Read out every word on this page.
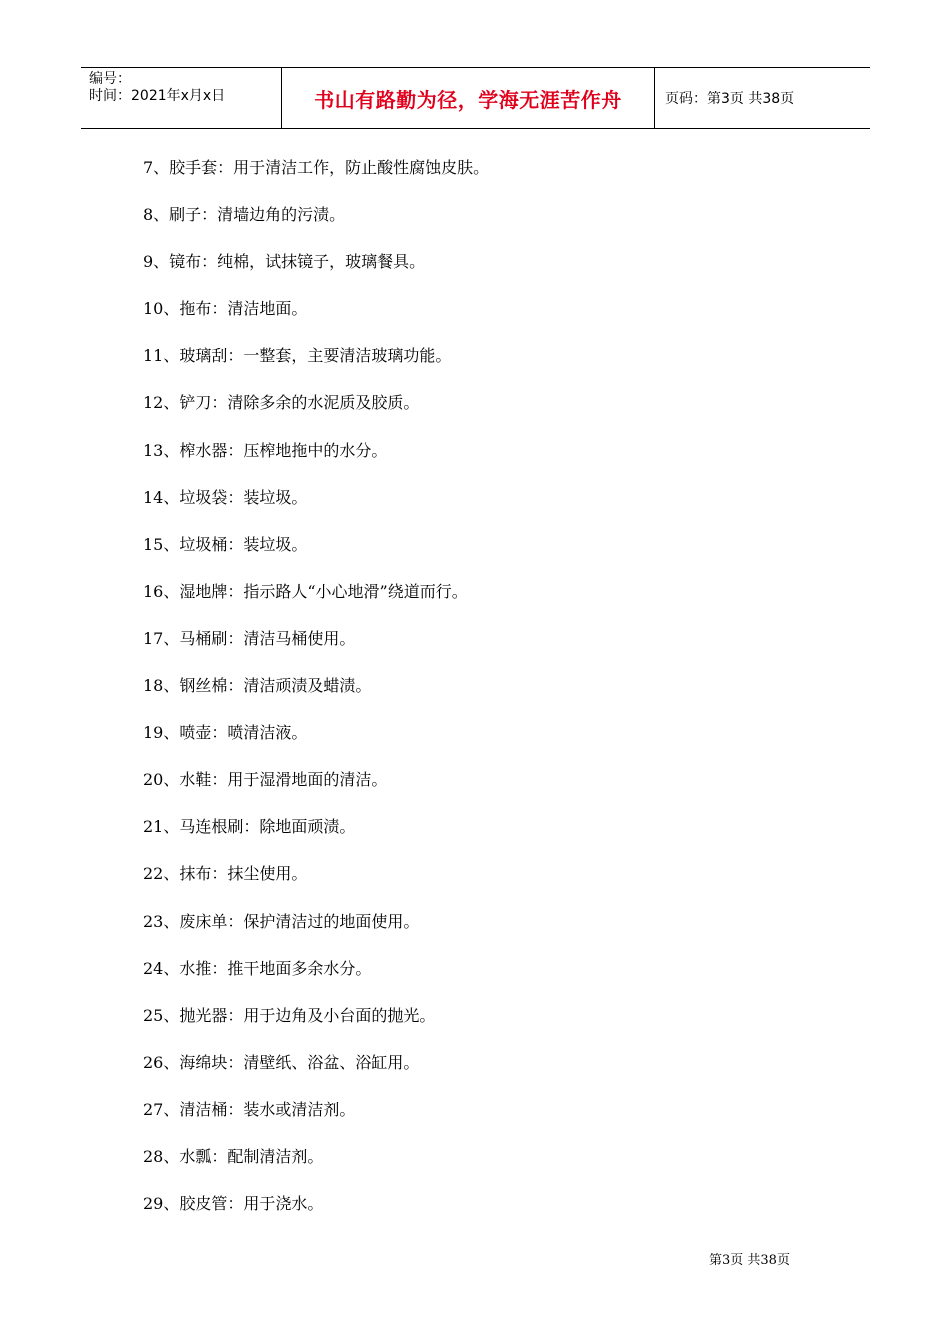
编号：
时间：2021年x月x日	书山有路勤为径，学海无涯苦作舟	页码：第3页 共38页
7、胶手套：用于清洁工作，防止酸性腐蚀皮肤。
8、刷子：清墙边角的污渍。
9、镜布：纯棉，试抹镜子，玻璃餐具。
10、拖布：清洁地面。
11、玻璃刮：一整套，主要清洁玻璃功能。
12、铲刀：清除多余的水泥质及胶质。
13、榨水器：压榨地拖中的水分。
14、垃圾袋：装垃圾。
15、垃圾桶：装垃圾。
16、湿地牌：指示路人“小心地滑”绕道而行。
17、马桶刷：清洁马桶使用。
18、钢丝棉：清洁顽渍及蜡渍。
19、喷壶：喷清洁液。
20、水鞋：用于湿滑地面的清洁。
21、马连根刷：除地面顽渍。
22、抹布：抹尘使用。
23、废床单：保护清洁过的地面使用。
24、水推：推干地面多余水分。
25、抛光器：用于边角及小台面的抛光。
26、海绵块：清壁纸、浴盆、浴缸用。
27、清洁桶：装水或清洁剂。
28、水瓢：配制清洁剂。
29、胶皮管：用于浇水。
第3页 共38页
